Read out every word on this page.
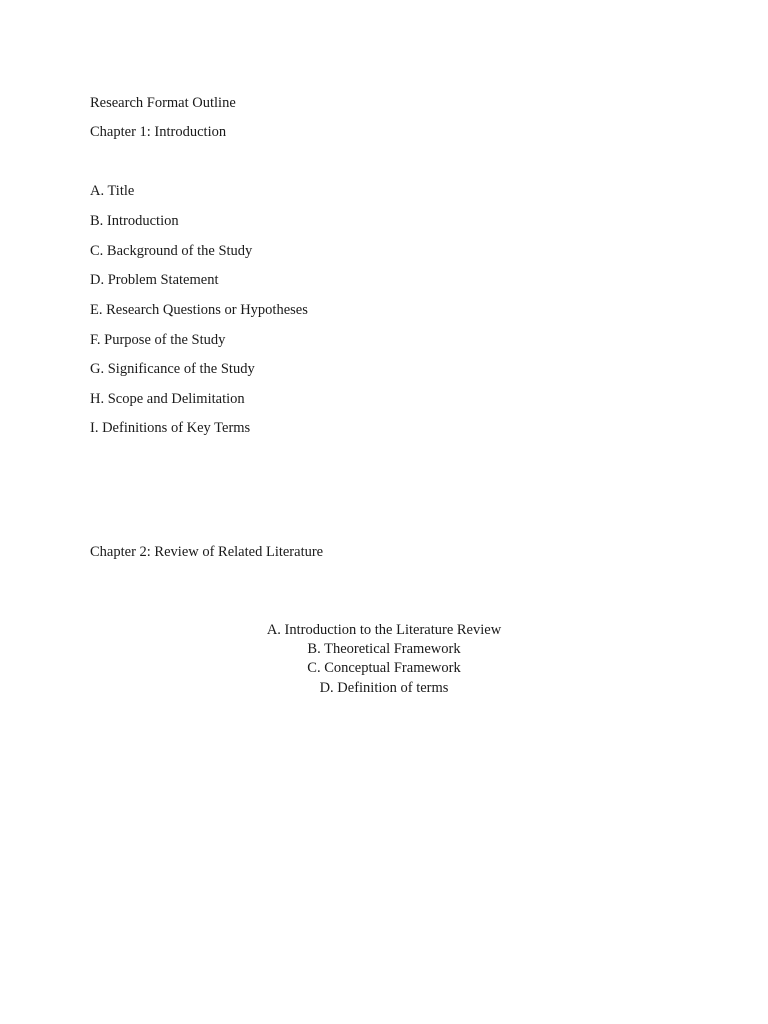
Research Format Outline
Chapter 1: Introduction
A. Title
B. Introduction
C. Background of the Study
D. Problem Statement
E. Research Questions or Hypotheses
F. Purpose of the Study
G. Significance of the Study
H. Scope and Delimitation
I. Definitions of Key Terms
Chapter 2: Review of Related Literature
A. Introduction to the Literature Review
B. Theoretical Framework
C. Conceptual Framework
D. Definition of terms
